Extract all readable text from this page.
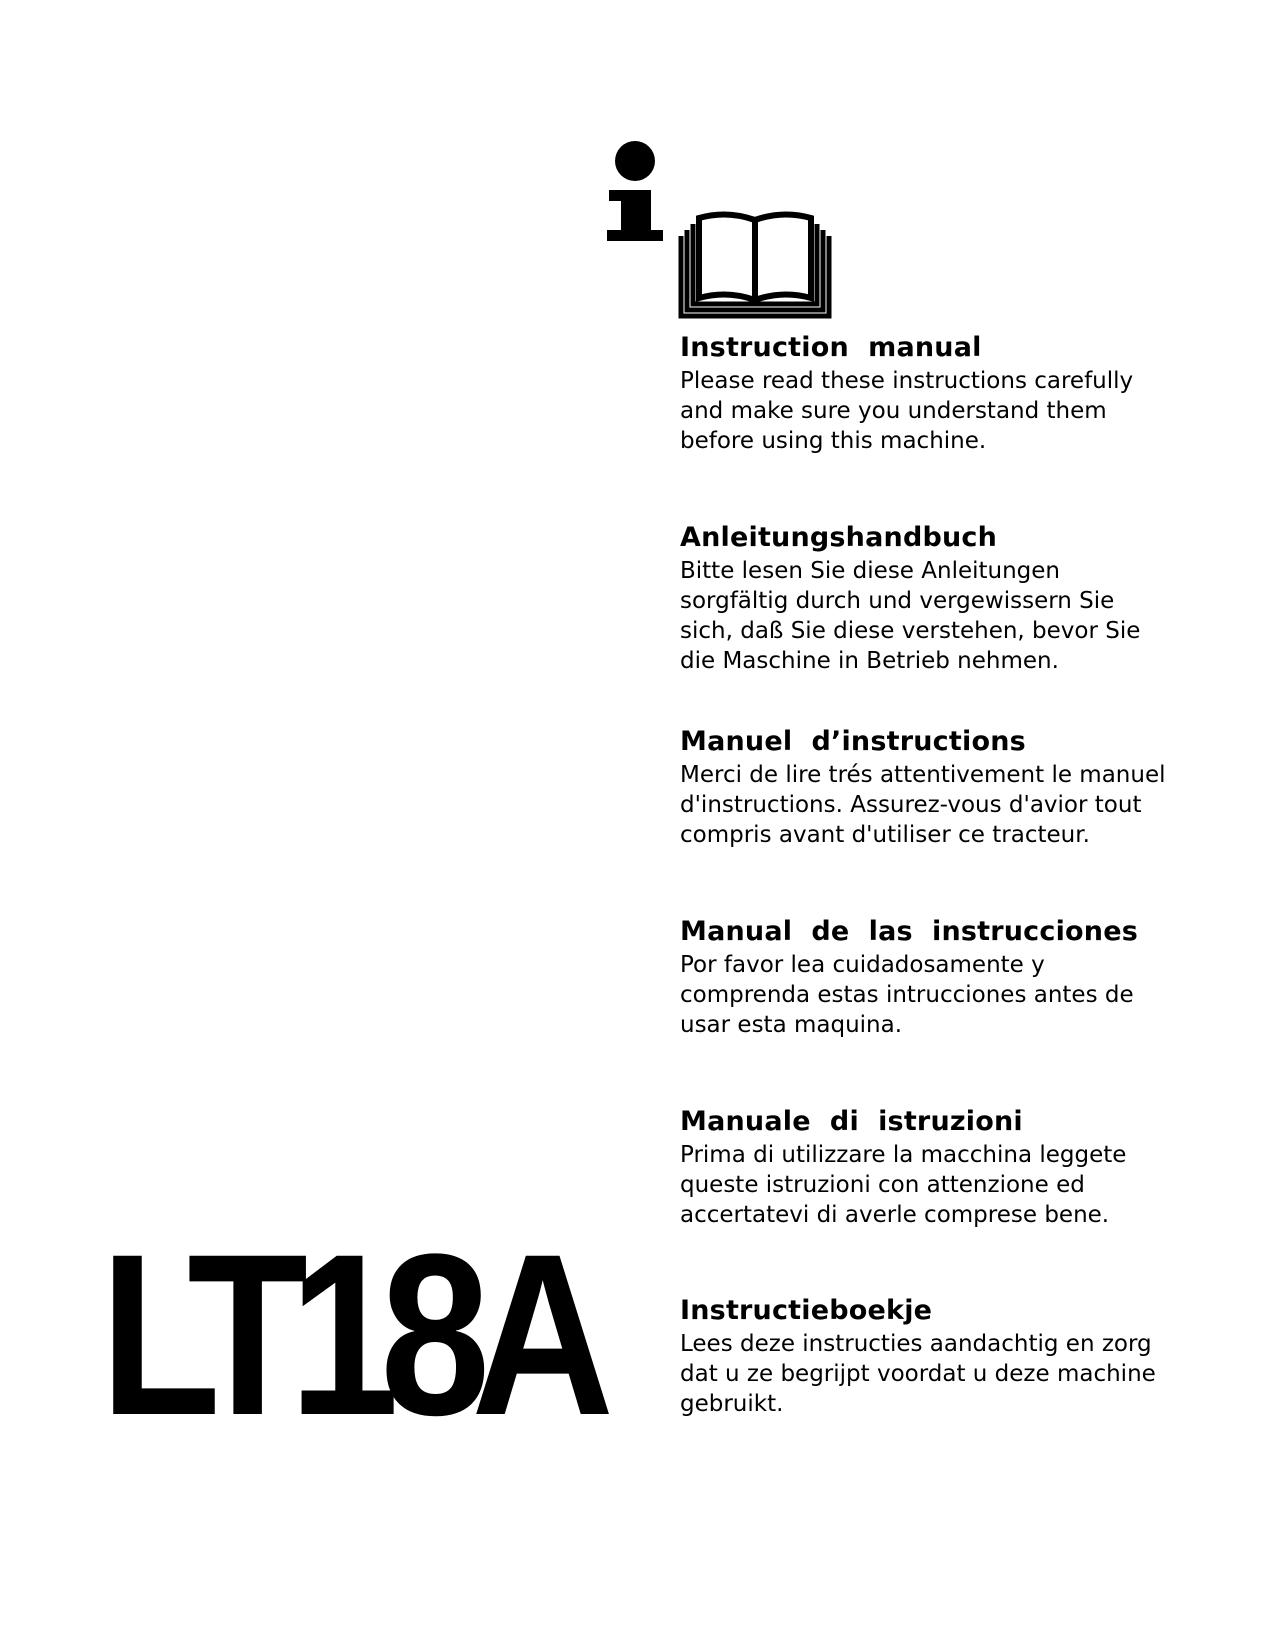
Instruction  manual

Please read these instructions carefully
and make sure you understand them
before using this machine.

Anleitungshandbuch

Bitte lesen Sie diese Anleitungen
sorgfältig durch und vergewissern Sie
sich, daß Sie diese verstehen, bevor Sie
die Maschine in Betrieb nehmen.

Manuel  d’instructions

Merci de lire trés attentivement le manuel
d'instructions. Assurez-vous d'avior tout
compris avant d'utiliser ce tracteur.

Manual  de  las  instrucciones

Por favor lea cuidadosamente y
comprenda estas intrucciones antes de
usar esta maquina.

Manuale  di  istruzioni

Prima di utilizzare la macchina leggete
queste istruzioni con attenzione ed
accertatevi di averle comprese bene.

Instructieboekje

Lees deze instructies aandachtig en zorg
dat u ze begrijpt voordat u deze machine
gebruikt.

LT18A
